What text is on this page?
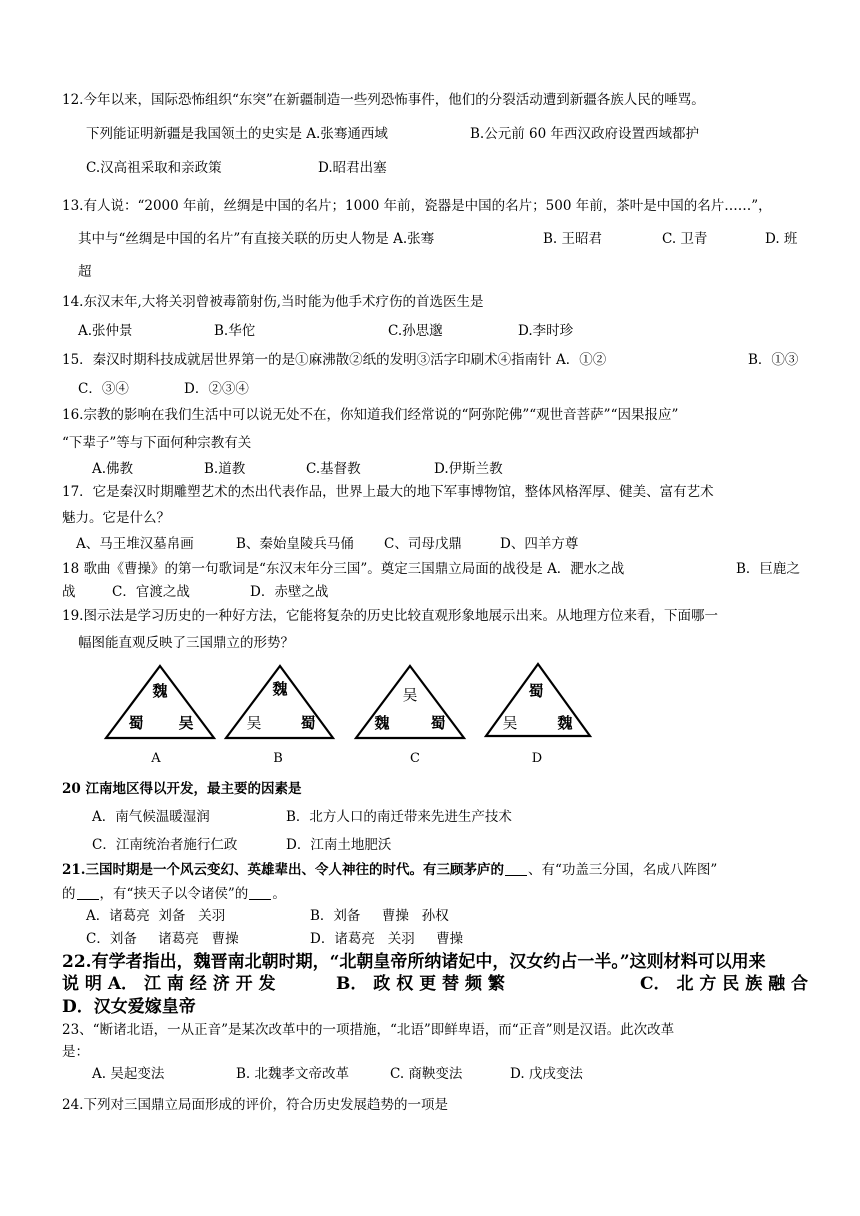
12.今年以来，国际恐怖组织“东突”在新疆制造一些列恐怖事件，他们的分裂活动遭到新疆各族人民的唾骂。
下列能证明新疆是我国领土的史实是 A.张骞通西域	B.公元前 60 年西汉政府设置西域都护
C.汉高祖采取和亲政策	D.昭君出塞
13.有人说：“2000 年前，丝绸是中国的名片；1000 年前，瓷器是中国的名片；500 年前，茶叶是中国的名片……”，
其中与“丝绸是中国的名片”有直接关联的历史人物是 A.张骞	B. 王昭君	C. 卫青	D. 班
超
14.东汉末年,大将关羽曾被毒箭射伤,当时能为他手术疗伤的首选医生是
A.张仲景	B.华佗	C.孙思邈	D.李时珍
15．秦汉时期科技成就居世界第一的是①麻沸散②纸的发明③活字印刷术④指南针 A．①②	B．①③
C．③④	D．②③④
16.宗教的影响在我们生活中可以说无处不在，你知道我们经常说的“阿弥陀佛”“观世音菩萨”“因果报应”
“下辈子”等与下面何种宗教有关
A.佛教	B.道教	C.基督教	D.伊斯兰教
17．它是秦汉时期雕塑艺术的杰出代表作品，世界上最大的地下军事博物馆，整体风格浑厚、健美、富有艺术
魅力。它是什么？
A、马王堆汉墓帛画	B、秦始皇陵兵马俑 C、司母戊鼎	D、四羊方尊
18 歌曲《曹操》的第一句歌词是“东汉末年分三国”。奠定三国鼎立局面的战役是 A．淝水之战	B．巨鹿之
战	C．官渡之战	D．赤壁之战
19.图示法是学习历史的一种好方法，它能将复杂的历史比较直观形象地展示出来。从地理方位来看，下面哪一
幅图能直观反映了三国鼎立的形势？
魏
蜀 吴
魏
吴	蜀
吴
魏	蜀
蜀
吴	魏
A	B	C	D
20 江南地区得以开发，最主要的因素是
A．南气候温暖湿润	B．北方人口的南迁带来先进生产技术
C．江南统治者施行仁政	D．江南土地肥沃
21.三国时期是一个风云变幻、英雄辈出、令人神往的时代。有三顾茅庐的 、有“功盖三分国，名成八阵图”
的 ，有“挟天子以令诸侯”的 。
A．诸葛亮  刘备   关羽	B．刘备     曹操   孙权
C．刘备     诸葛亮   曹操	D．诸葛亮   关羽     曹操
22.有学者指出，魏晋南北朝时期，“北朝皇帝所纳诸妃中，汉女约占一半。”这则材料可以用来
说 明 A． 江 南 经 济 开 发	B． 政 权 更 替 频 繁	C． 北 方 民 族 融 合
D．汉女爱嫁皇帝
23、“断诸北语，一从正音”是某次改革中的一项措施，“北语”即鲜卑语，而“正音”则是汉语。此次改革
是：
A. 吴起变法	B. 北魏孝文帝改革	C. 商鞅变法	D. 戊戌变法
24.下列对三国鼎立局面形成的评价，符合历史发展趋势的一项是
